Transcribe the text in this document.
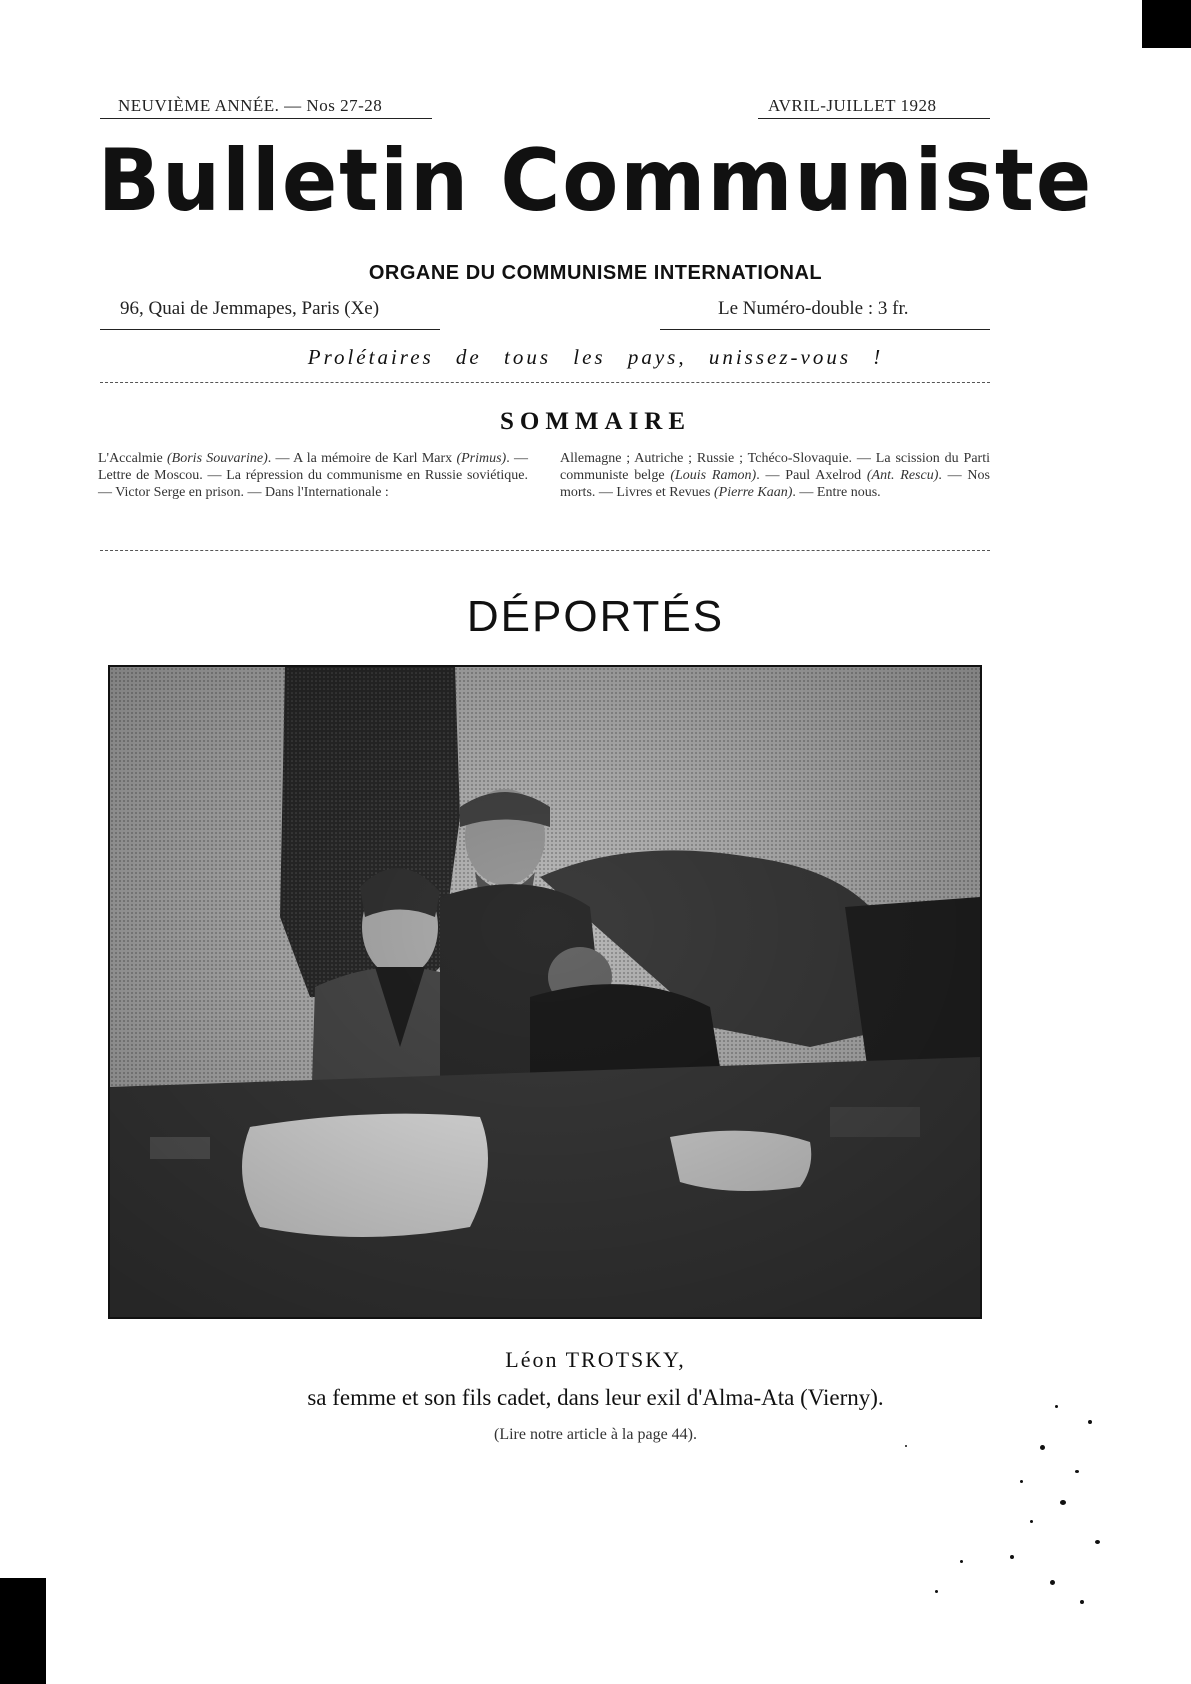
NEUVIÈME ANNÉE. — Nos 27-28	AVRIL-JUILLET 1928
Bulletin Communiste
ORGANE DU COMMUNISME INTERNATIONAL
96, Quai de Jemmapes, Paris (Xe)	Le Numéro-double : 3 fr.
Prolétaires de tous les pays, unissez-vous !
SOMMAIRE
L'Accalmie (Boris Souvarine). — A la mémoire de Karl Marx (Primus). — Lettre de Moscou. — La répression du communisme en Russie soviétique. — Victor Serge en prison. — Dans l'Internationale :
Allemagne ; Autriche ; Russie ; Tchéco-Slovaquie. — La scission du Parti communiste belge (Louis Ramon). — Paul Axelrod (Ant. Rescu). — Nos morts. — Livres et Revues (Pierre Kaan). — Entre nous.
DÉPORTÉS
Léon TROTSKY,
sa femme et son fils cadet, dans leur exil d'Alma-Ata (Vierny).
(Lire notre article à la page 44).
